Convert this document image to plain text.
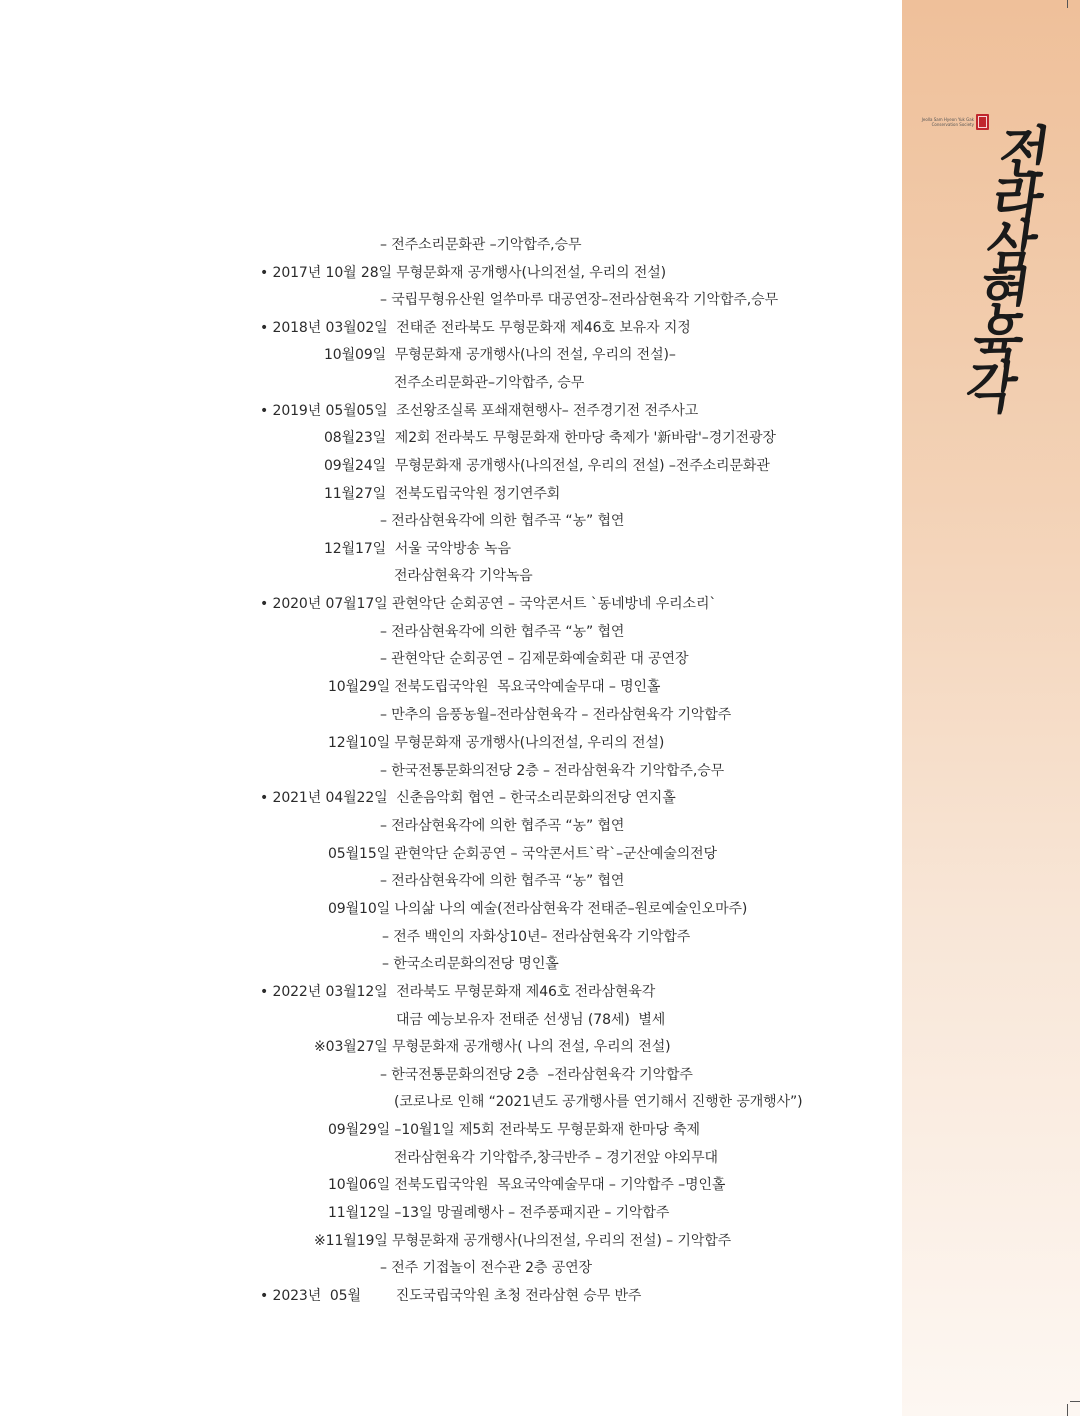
Jeolla Sam Hyeon Yuk Gak Conservation Society 전
라
삼
현
육
각
– 전주소리문화관 –기악합주,승무
• 2017년 10월 28일 무형문화재 공개행사(나의전설, 우리의 전설)
– 국립무형유산원 얼쑤마루 대공연장–전라삼현육각 기악합주,승무
• 2018년 03월02일  전태준 전라북도 무형문화재 제46호 보유자 지정
10월09일  무형문화재 공개행사(나의 전설, 우리의 전설)–
전주소리문화관–기악합주, 승무
• 2019년 05월05일  조선왕조실록 포쇄재현행사– 전주경기전 전주사고
08월23일  제2회 전라북도 무형문화재 한마당 축제가 '新바람'–경기전광장
09월24일  무형문화재 공개행사(나의전설, 우리의 전설) –전주소리문화관
11월27일  전북도립국악원 정기연주회
– 전라삼현육각에 의한 협주곡 “농” 협연
12월17일  서울 국악방송 녹음
전라삼현육각 기악녹음
• 2020년 07월17일 관현악단 순회공연 – 국악콘서트 `동네방네 우리소리`
– 전라삼현육각에 의한 협주곡 “농” 협연
– 관현악단 순회공연 – 김제문화예술회관 대 공연장
10월29일 전북도립국악원  목요국악예술무대 – 명인홀
– 만추의 음풍농월–전라삼현육각 – 전라삼현육각 기악합주
12월10일 무형문화재 공개행사(나의전설, 우리의 전설)
– 한국전통문화의전당 2층 – 전라삼현육각 기악합주,승무
• 2021년 04월22일  신춘음악회 협연 – 한국소리문화의전당 연지홀
– 전라삼현육각에 의한 협주곡 “농” 협연
05월15일 관현악단 순회공연 – 국악콘서트`락`–군산예술의전당
– 전라삼현육각에 의한 협주곡 “농” 협연
09월10일 나의삶 나의 예술(전라삼현육각 전태준–원로예술인오마주)
– 전주 백인의 자화상10년– 전라삼현육각 기악합주
– 한국소리문화의전당 명인홀
• 2022년 03월12일  전라북도 무형문화재 제46호 전라삼현육각
대금 예능보유자 전태준 선생님 (78세)  별세
※03월27일 무형문화재 공개행사( 나의 전설, 우리의 전설)
– 한국전통문화의전당 2층  –전라삼현육각 기악합주
(코로나로 인해 “2021년도 공개행사를 연기해서 진행한 공개행사”)
09월29일 –10월1일 제5회 전라북도 무형문화재 한마당 축제
전라삼현육각 기악합주,창극반주 – 경기전앞 야외무대
10월06일 전북도립국악원  목요국악예술무대 – 기악합주 –명인홀
11월12일 –13일 망궐례행사 – 전주풍패지관 – 기악합주
※11월19일 무형문화재 공개행사(나의전설, 우리의 전설) – 기악합주
– 전주 기접놀이 전수관 2층 공연장
• 2023년  05월        진도국립국악원 초청 전라삼현 승무 반주
